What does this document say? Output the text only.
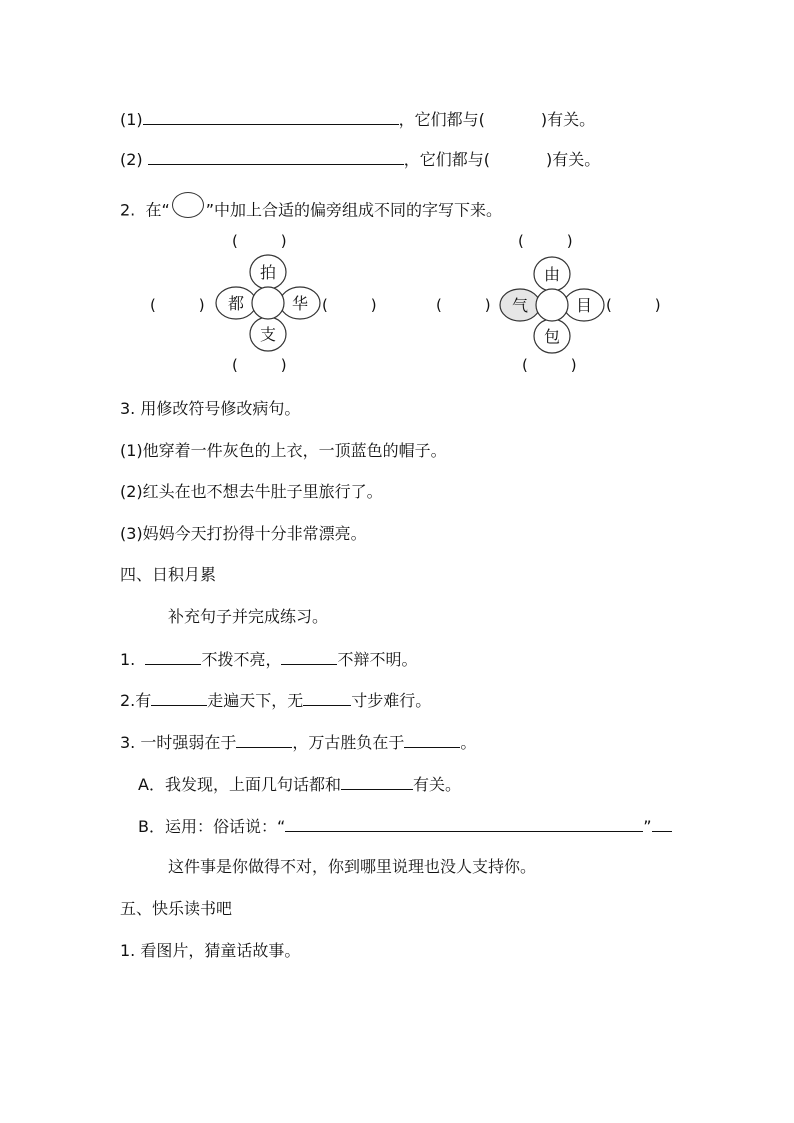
(1)	，它们都与(	)有关。
(2)	，它们都与(	)有关。
2. 在“ ”中加上合适的偏旁组成不同的字写下来。
(	)
(	)	(	)
(	)
拍
都	华
支
(	)
(	)	(	)
(	)
由
气	目
包
3. 用修改符号修改病句。
(1)他穿着一件灰色的上衣，一顶蓝色的帽子。
(2)红头在也不想去牛肚子里旅行了。
(3)妈妈今天打扮得十分非常漂亮。
四、日积月累
补充句子并完成练习。
1.	不拨不亮，	不辩不明。
2.有	走遍天下，无	寸步难行。
3. 一时强弱在于	，万古胜负在于	。
A．我发现，上面几句话都和	有关。
B．运用：俗话说：“	”
这件事是你做得不对，你到哪里说理也没人支持你。
五、快乐读书吧
1. 看图片，猜童话故事。
